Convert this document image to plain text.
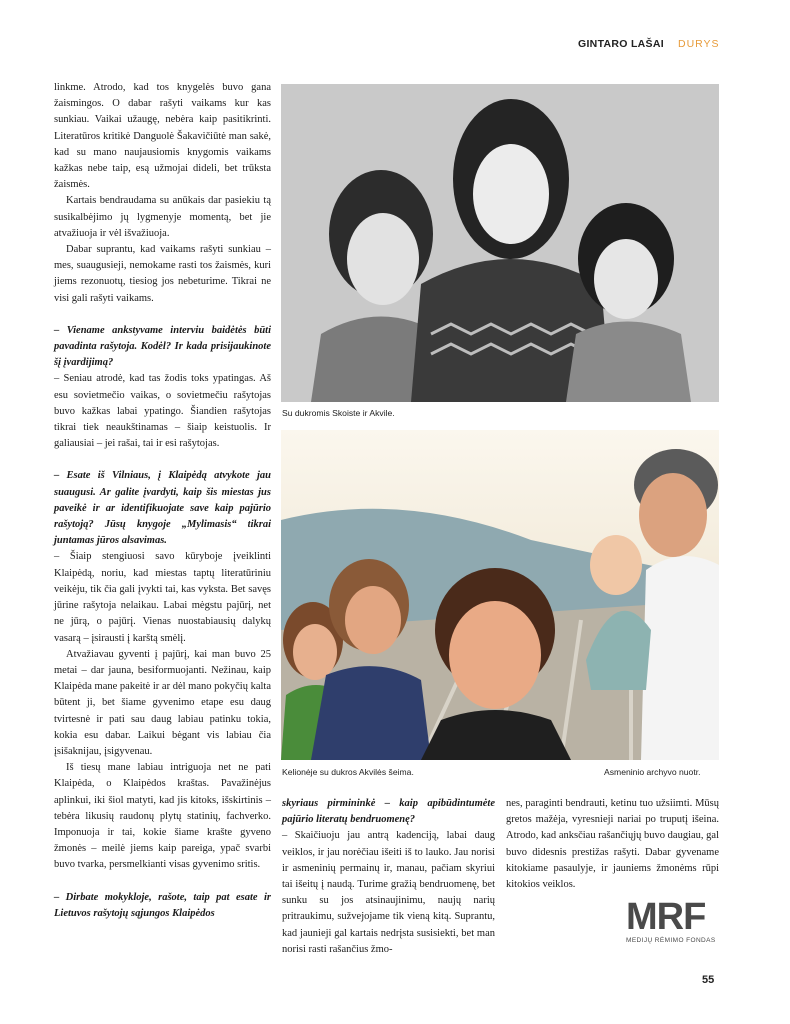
GINTARO LAŠAI DURYS

linkme. Atrodo, kad tos knygelės buvo gana žaismingos. O dabar rašyti vaikams kur kas sunkiau. Vaikai užaugę, nebėra kaip pasitikrinti. Literatūros kritikė Danguolė Šakavičiūtė man sakė, kad su mano naujausiomis knygomis vaikams kažkas nebe taip, esą užmojai dideli, bet trūksta žaismės.

Kartais bendraudama su anūkais dar pasiekiu tą susikalbėjimo jų lygmenyje momentą, bet jie atvažiuoja ir vėl išvažiuoja.

Dabar suprantu, kad vaikams rašyti sunkiau – mes, suaugusieji, nemokame rasti tos žaismės, kuri jiems rezonuotų, tiesiog jos nebeturime. Tikrai ne visi gali rašyti vaikams.

– Viename ankstyvame interviu baidėtės būti pavadinta rašytoja. Kodėl? Ir kada prisijaukinote šį įvardijimą?

– Seniau atrodė, kad tas žodis toks ypatingas. Aš esu sovietmečio vaikas, o sovietmečiu rašytojas buvo kažkas labai ypatingo. Šiandien rašytojas tikrai tiek neaukštinamas – šiaip keistuolis. Ir galiausiai – jei rašai, tai ir esi rašytojas.

– Esate iš Vilniaus, į Klaipėdą atvykote jau suaugusi. Ar galite įvardyti, kaip šis miestas jus paveikė ir ar identifikuojate save kaip pajūrio rašytoją? Jūsų knygoje „Mylimasis“ tikrai juntamas jūros alsavimas.

– Šiaip stengiuosi savo kūryboje įveiklinti Klaipėdą, noriu, kad miestas taptų literatūriniu veikėju, tik čia gali įvykti tai, kas vyksta. Bet savęs jūrine rašytoja nelaikau. Labai mėgstu pajūrį, net ne jūrą, o pajūrį. Vienas nuostabiausių dalykų vasarą – įsirausti į karštą smėlį.

Atvažiavau gyventi į pajūrį, kai man buvo 25 metai – dar jauna, besiformuojanti. Nežinau, kaip Klaipėda mane pakeitė ir ar dėl mano pokyčių kalta būtent ji, bet šiame gyvenimo etape esu daug tvirtesnė ir pati sau daug labiau patinku tokia, kokia esu dabar. Laikui bėgant vis labiau čia įsišaknijau, įsigyvenau.

Iš tiesų mane labiau intriguoja net ne pati Klaipėda, o Klaipėdos kraštas. Pavažinėjus aplinkui, iki šiol matyti, kad jis kitoks, išskirtinis – tebėra likusių raudonų plytų statinių, fachverko. Imponuoja ir tai, kokie šiame krašte gyveno žmonės – meilė jiems kaip pareiga, ypač svarbi buvo tvarka, persmelkianti visas gyvenimo sritis.

– Dirbate mokykloje, rašote, taip pat esate ir Lietuvos rašytojų sąjungos Klaipėdos

Su dukromis Skoiste ir Akvile.
Kelionėje su dukros Akvilės šeima.	Asmeninio archyvo nuotr.

skyriaus pirmininkė – kaip apibūdintumėte pajūrio literatų bendruomenę?

– Skaičiuoju jau antrą kadenciją, labai daug veiklos, ir jau norėčiau išeiti iš to lauko. Jau norisi ir asmeninių permainų ir, manau, pačiam skyriui tai išeitų į naudą. Turime gražią bendruomenę, bet sunku su jos atsinaujinimu, naujų narių pritraukimu, sužvejojame tik vieną kitą. Suprantu, kad jaunieji gal kartais nedrįsta susisiekti, bet man norisi rasti rašančius žmo-

nes, paraginti bendrauti, ketinu tuo užsiimti. Mūsų gretos mažėja, vyresnieji nariai po truputį išeina. Atrodo, kad anksčiau rašančiųjų buvo daugiau, gal buvo didesnis prestižas rašyti. Dabar gyvename kitokiame pasaulyje, ir jauniems žmonėms rūpi kitokios veiklos.

MRF
MEDIJŲ RĖMIMO FONDAS
55
